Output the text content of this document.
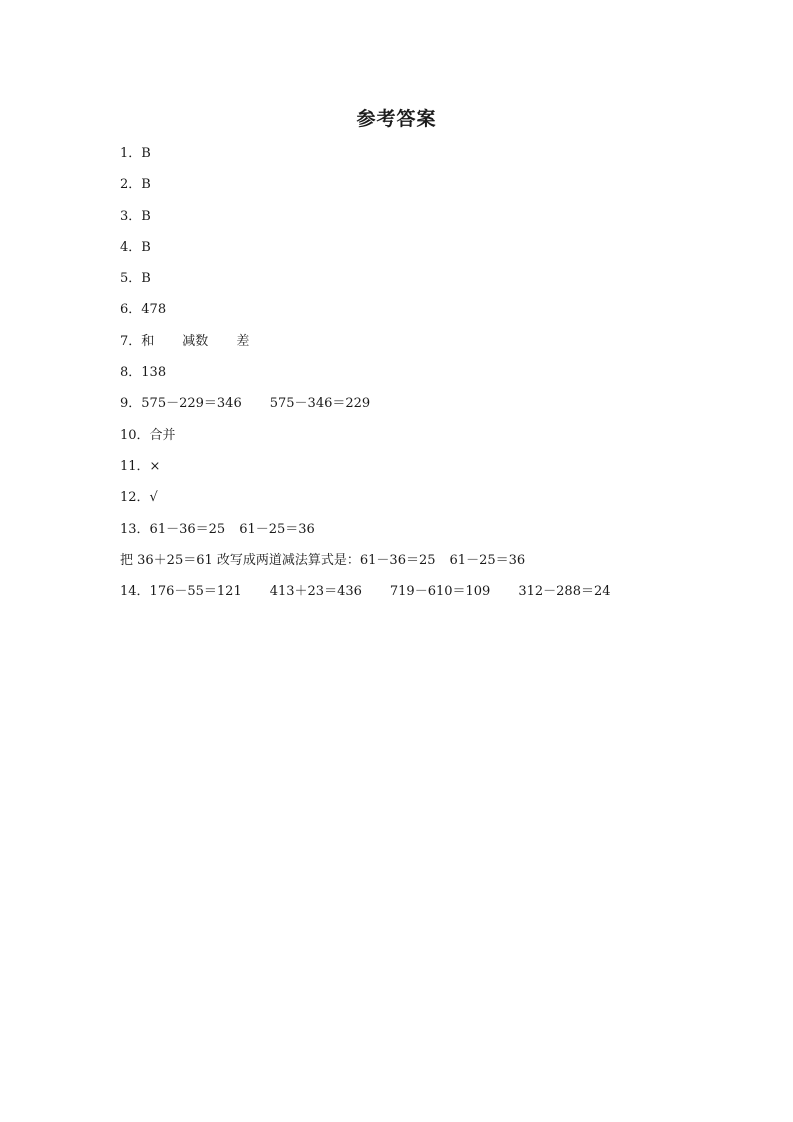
参考答案
1．B
2．B
3．B
4．B
5．B
6．478
7．和 减数 差
8．138
9．575－229＝346 575－346＝229
10．合并
11．×
12．√
13．61－36＝25 61－25＝36
把 36＋25＝61 改写成两道减法算式是：61－36＝25 61－25＝36
14．176－55＝121 413＋23＝436 719－610＝109 312－288＝24
